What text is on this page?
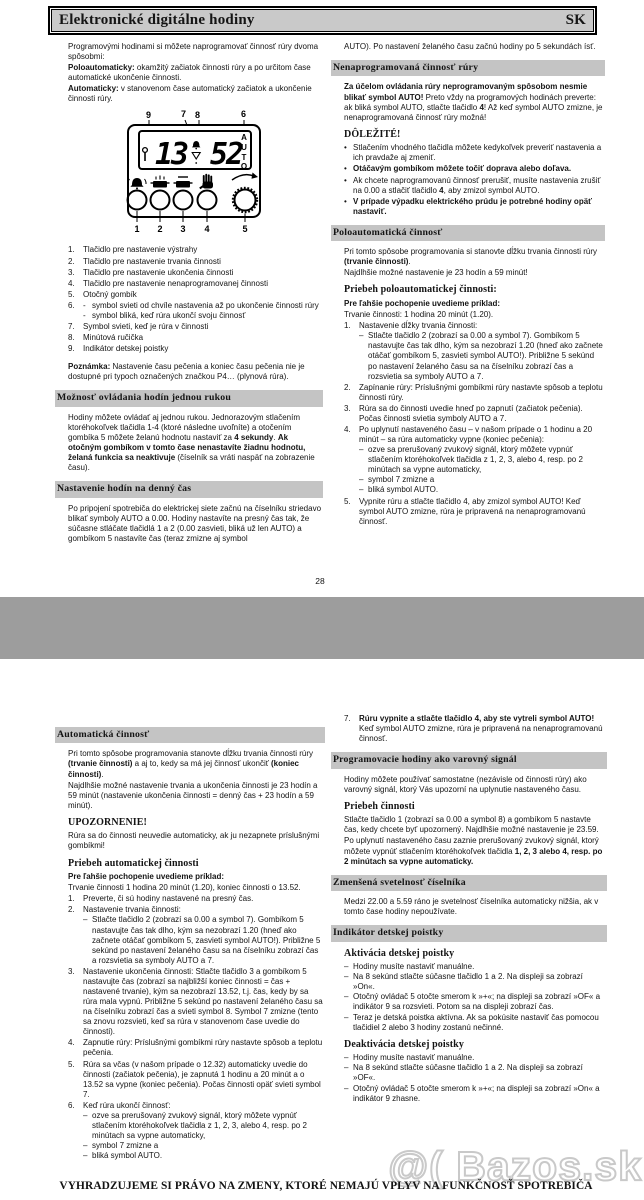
Elektronické digitálne hodiny	SK

Programovými hodinami si môžete naprogramovať činnosť rúry dvoma spôsobmi:

Poloautomaticky: okamžitý začiatok činnosti rúry a po určitom čase automatické ukončenie činnosti.

Automaticky: v stanovenom čase automatický začiatok a ukončenie činnosti rúry.

9	7 8	6
13 52 A
U
T
O
1 2 3 4	5
1.	Tlačidlo pre nastavenie výstrahy
2.	Tlačidlo pre nastavenie trvania činnosti
3.	Tlačidlo pre nastavenie ukončenia činnosti
4.	Tlačidlo pre nastavenie nenaprogramovanej činnosti
5.	Otočný gombík
6.	- symbol svieti od chvíle nastavenia až po ukončenie činnosti rúry
- symbol bliká, keď rúra ukončí svoju činnosť
7.	Symbol svieti, keď je rúra v činnosti
8.	Minútová ručička
9.	Indikátor detskej poistky

Poznámka: Nastavenie času pečenia a koniec času pečenia nie je dostupné pri typoch označených značkou P4… (plynová rúra).

Možnosť ovládania hodín jednou rukou

Hodiny môžete ovládať aj jednou rukou. Jednorazovým stlačením ktoréhokoľvek tlačidla 1-4 (ktoré následne uvoľníte) a otočením gombíka 5 môžete želanú hodnotu nastaviť za 4 sekundy. Ak otočným gombíkom v tomto čase nenastavíte žiadnu hodnotu, želaná funkcia sa neaktivuje (číselník sa vráti naspäť na zobrazenie času).

Nastavenie hodín na denný čas

Po pripojení spotrebiča do elektrickej siete začnú na číselníku striedavo blikať symboly AUTO a 0.00. Hodiny nastavíte na presný čas tak, že súčasne stláčate tlačidlá 1 a 2 (0.00 zasvieti, bliká už len AUTO) a gombíkom 5 nastavíte čas (teraz zmizne aj symbol

AUTO). Po nastavení želaného času začnú hodiny po 5 sekundách ísť.

Nenaprogramovaná činnosť rúry

Za účelom ovládania rúry neprogramovaným spôsobom nesmie blikať symbol AUTO! Preto vždy na programových hodinách preverte: ak bliká symbol AUTO, stlačte tlačidlo 4! Až keď symbol AUTO zmizne, je nenaprogramovaná činnosť rúry možná!

DÔLEŽITÉ!
• Stlačením vhodného tlačidla môžete kedykoľvek preveriť nastavenia a ich pravdaže aj zmeniť.
• Otáčavým gombíkom môžete točiť doprava alebo doľava.
• Ak chcete naprogramovanú činnosť prerušiť, musíte nastavenia zrušiť na 0.00 a stlačiť tlačidlo 4, aby zmizol symbol AUTO.
• V prípade výpadku elektrického prúdu je potrebné hodiny opäť nastaviť.
Poloautomatická činnosť

Pri tomto spôsobe programovania si stanovte dĺžku trvania činnosti rúry (trvanie činnosti).

Najdlhšie možné nastavenie je 23 hodín a 59 minút!

Priebeh poloautomatickej činnosti:

Pre ľahšie pochopenie uvedieme príklad:

Trvanie činnosti: 1 hodina 20 minút (1.20).

1.	Nastavenie dĺžky trvania činnosti:
– Stlačte tlačidlo 2 (zobrazí sa 0.00 a symbol 7). Gombíkom 5 nastavujte čas tak dlho, kým sa nezobrazí 1.20 (hneď ako začnete otáčať gombíkom 5, zasvieti symbol AUTO!). Približne 5 sekúnd po nastavení želaného času sa na číselníku zobrazí čas a rozsvietia sa symboly AUTO a 7.
2.	Zapínanie rúry: Príslušnými gombíkmi rúry nastavte spôsob a teplotu činnosti rúry.
3.	Rúra sa do činnosti uvedie hneď po zapnutí (začiatok pečenia). Počas činnosti svietia symboly AUTO a 7.
4.	Po uplynutí nastaveného času – v našom prípade o 1 hodinu a 20 minút – sa rúra automaticky vypne (koniec pečenia):
– ozve sa prerušovaný zvukový signál, ktorý môžete vypnúť stlačením ktoréhokoľvek tlačidla z 1, 2, 3, alebo 4, resp. po 2 minútach sa vypne automaticky,
– symbol 7 zmizne a
– bliká symbol AUTO.
5.	Vypnite rúru a stlačte tlačidlo 4, aby zmizol symbol AUTO! Keď symbol AUTO zmizne, rúra je pripravená na nenaprogramovanú činnosť.
28
Automatická činnosť

Pri tomto spôsobe programovania stanovte dĺžku trvania činnosti rúry (trvanie činnosti) a aj to, kedy sa má jej činnosť ukončiť (koniec činnosti).

Najdlhšie možné nastavenie trvania a ukončenia činnosti je 23 hodín a 59 minút (nastavenie ukončenia činnosti = denný čas + 23 hodín a 59 minút).

UPOZORNENIE!

Rúra sa do činnosti neuvedie automaticky, ak ju nezapnete príslušnými gombíkmi!

Priebeh automatickej činnosti

Pre ľahšie pochopenie uvedieme príklad:

Trvanie činnosti 1 hodina 20 minút (1.20), koniec činnosti o 13.52.

1.	Preverte, či sú hodiny nastavené na presný čas.
2.	Nastavenie trvania činnosti:
– Stlačte tlačidlo 2 (zobrazí sa 0.00 a symbol 7). Gombíkom 5 nastavujte čas tak dlho, kým sa nezobrazí 1.20 (hneď ako začnete otáčať gombíkom 5, zasvieti symbol AUTO!). Približne 5 sekúnd po nastavení želaného času sa na číselníku zobrazí čas a rozsvietia sa symboly AUTO a 7.
3.	Nastavenie ukončenia činnosti: Stlačte tlačidlo 3 a gombíkom 5 nastavujte čas (zobrazí sa najbližší koniec činnosti = čas + nastavené trvanie), kým sa nezobrazí 13.52, t.j. čas, kedy by sa rúra mala vypnú. Približne 5 sekúnd po nastavení želaného času sa na číselníku zobrazí čas a svieti symbol 8. Symbol 7 zmizne (tento sa znovu rozsvieti, keď sa rúra v stanovenom čase uvedie do činnosti).
4.	Zapnutie rúry: Príslušnými gombíkmi rúry nastavte spôsob a teplotu pečenia.
5.	Rúra sa včas (v našom prípade o 12.32) automaticky uvedie do činnosti (začiatok pečenia), je zapnutá 1 hodinu a 20 minút a o 13.52 sa vypne (koniec pečenia). Počas činnosti opäť svieti symbol 7.
6.	Keď rúra ukončí činnosť:
– ozve sa prerušovaný zvukový signál, ktorý môžete vypnúť stlačením ktoréhokoľvek tlačidla z 1, 2, 3, alebo 4, resp. po 2 minútach sa vypne automaticky,
– symbol 7 zmizne a
– bliká symbol AUTO.
7.	Rúru vypnite a stlačte tlačidlo 4, aby ste vytreli symbol AUTO! Keď symbol AUTO zmizne, rúra je pripravená na nenaprogramovanú činnosť.
Programovacie hodiny ako varovný signál

Hodiny môžete používať samostatne (nezávisle od činnosti rúry) ako varovný signál, ktorý Vás upozorní na uplynutie nastaveného času.

Priebeh činnosti

Stlačte tlačidlo 1 (zobrazí sa 0.00 a symbol 8) a gombíkom 5 nastavte čas, kedy chcete byť upozornený. Najdlhšie možné nastavenie je 23.59.

Po uplynutí nastaveného času zaznie prerušovaný zvukový signál, ktorý môžete vypnúť stlačením ktoréhokoľvek tlačidla 1, 2, 3 alebo 4, resp. po 2 minútach sa vypne automaticky.

Zmenšená svetelnosť číselníka

Medzi 22.00 a 5.59 ráno je svetelnosť číselníka automaticky nižšia, ak v tomto čase hodiny nepoužívate.

Indikátor detskej poistky
Aktivácia detskej poistky
– Hodiny musíte nastaviť manuálne.
– Na 8 sekúnd stlačte súčasne tlačidlo 1 a 2. Na displeji sa zobrazí »On«.
– Otočný ovládač 5 otočte smerom k »+«; na displeji sa zobrazí »OF« a indikátor 9 sa rozsvieti. Potom sa na displeji zobrazí čas.
– Teraz je detská poistka aktívna. Ak sa pokúsite nastaviť čas pomocou tlačidiel 2 alebo 3 hodiny zostanú nečinné.
Deaktivácia detskej poistky
– Hodiny musíte nastaviť manuálne.
– Na 8 sekúnd stlačte súčasne tlačidlo 1 a 2. Na displeji sa zobrazí »OF«.
– Otočný ovládač 5 otočte smerom k »+«; na displeji sa zobrazí »On« a indikátor 9 zhasne.
@( Bazos.sk
VYHRADZUJEME SI PRÁVO NA ZMENY, KTORÉ NEMAJÚ VPLYV NA FUNKČNOSŤ SPOTREBIČA
